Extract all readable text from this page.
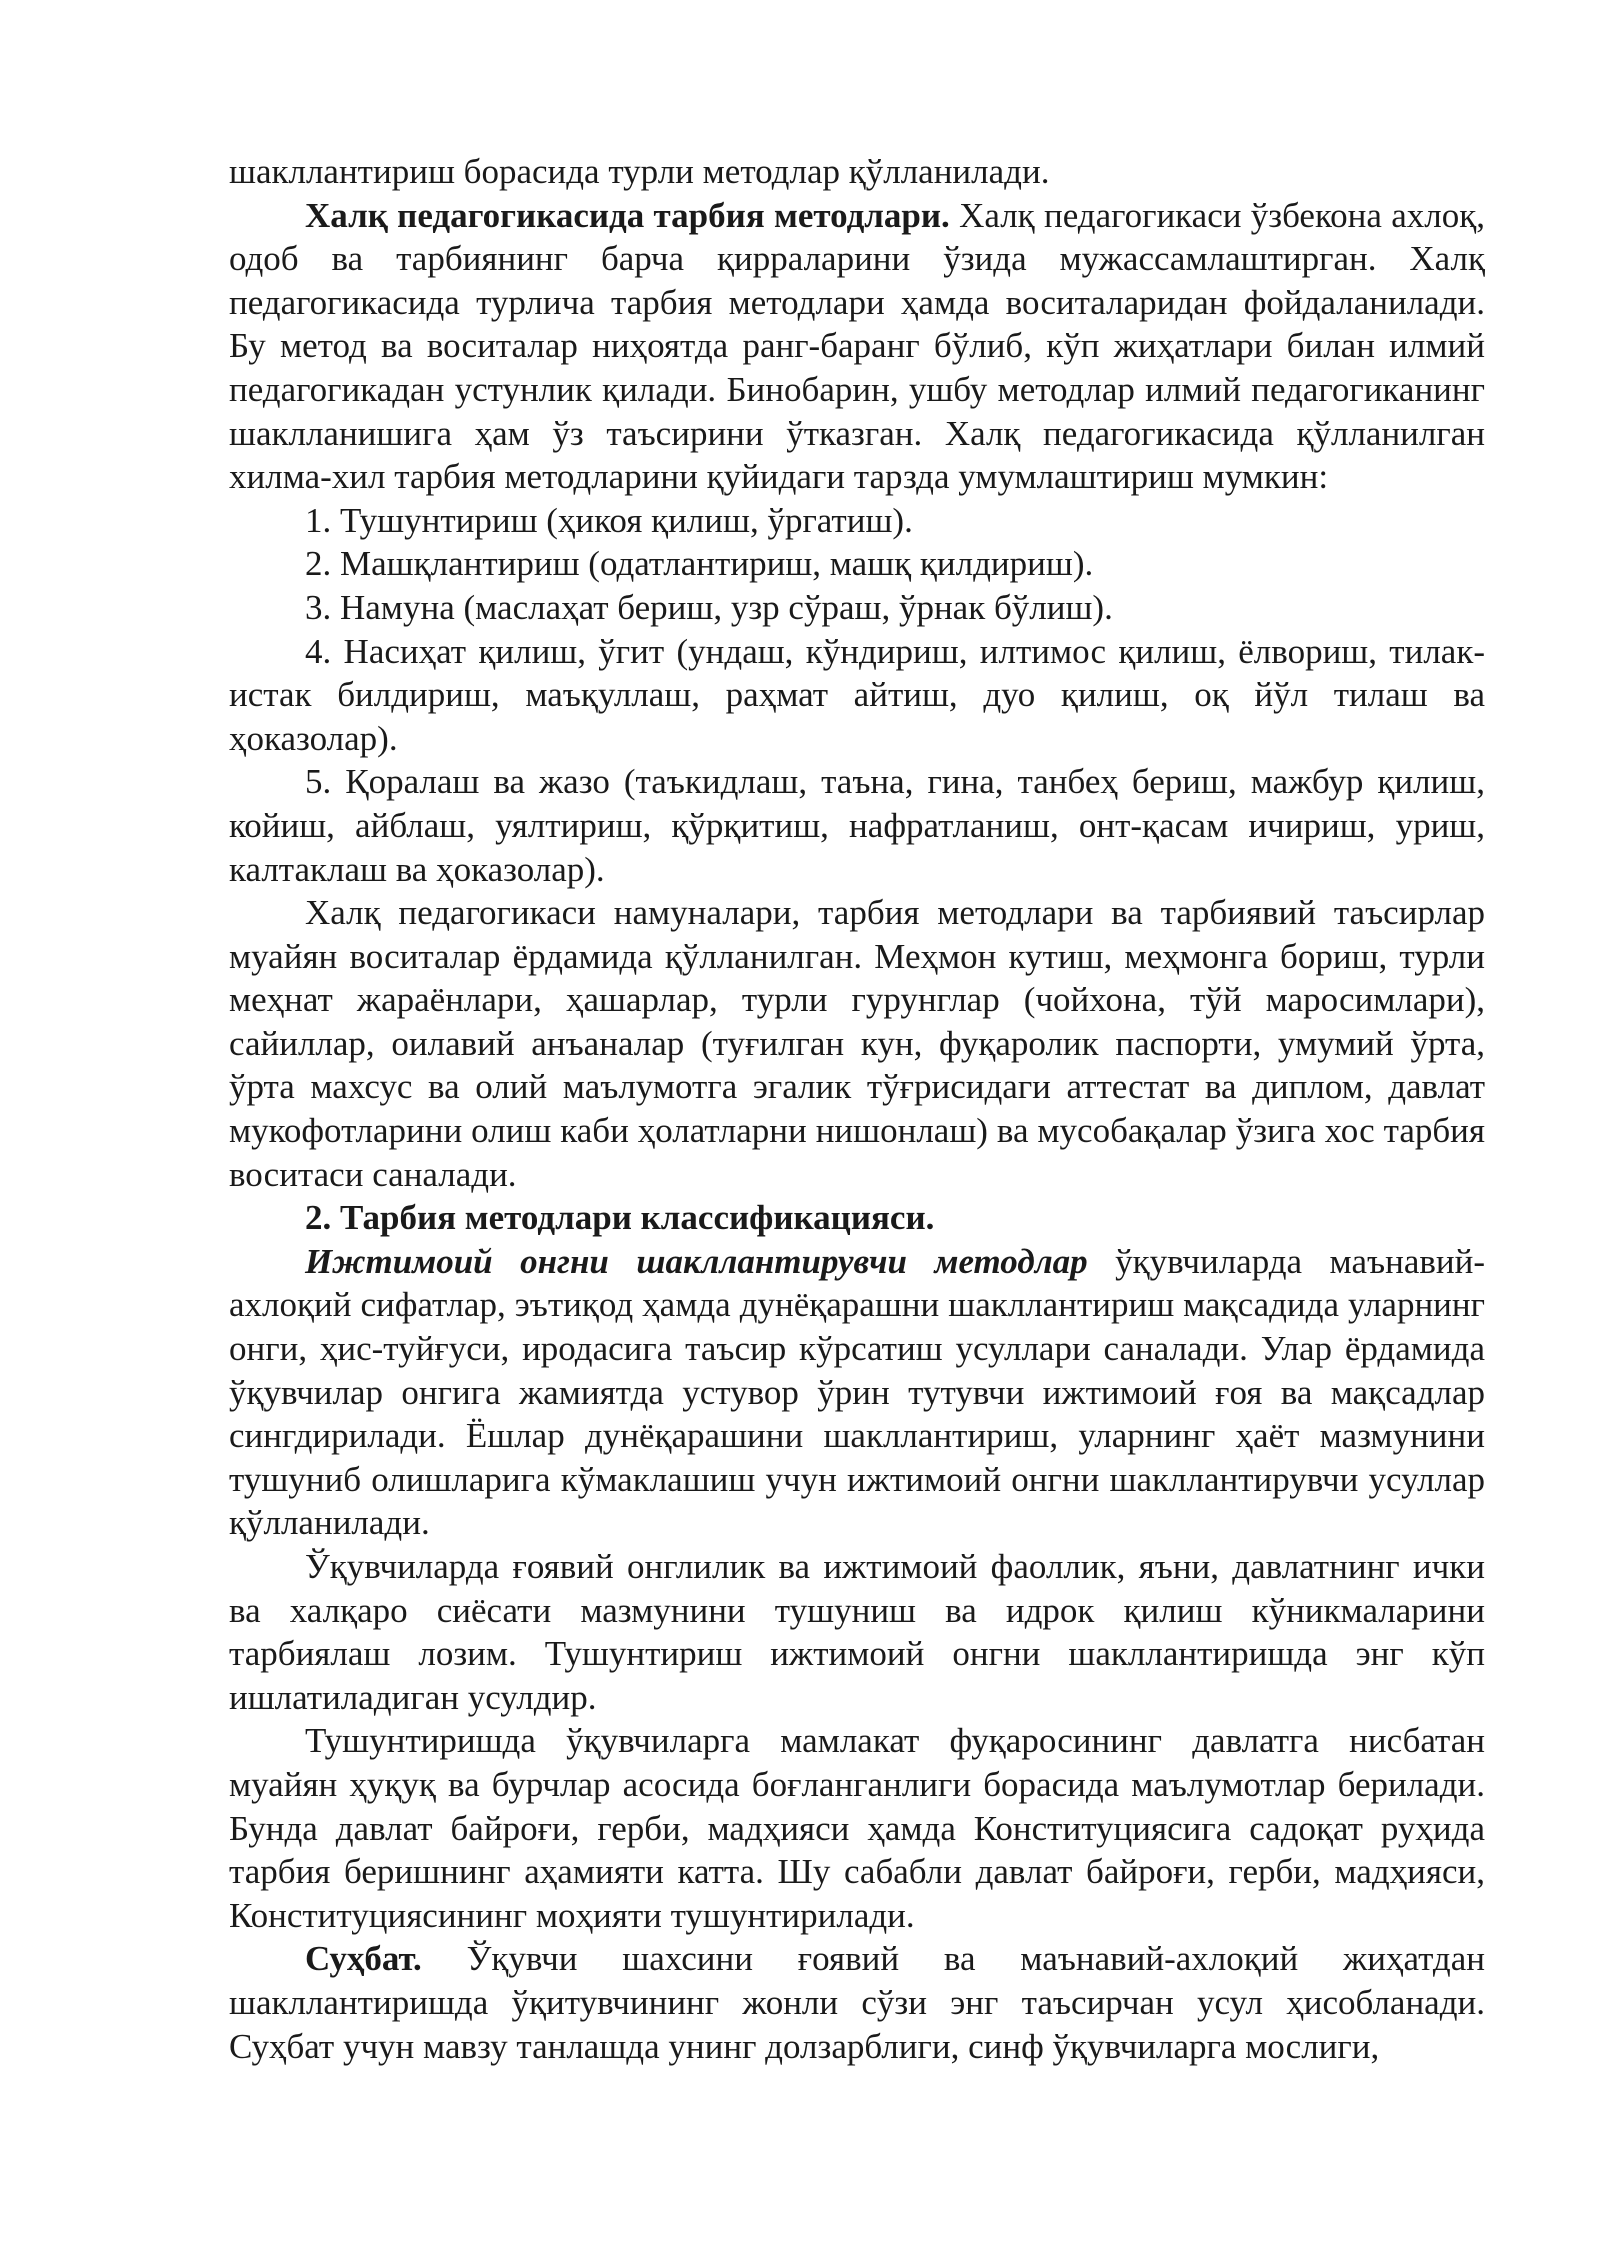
шакллантириш борасида турли методлар қўлланилади.

Халқ педагогикасида тарбия методлари. Халқ педагогикаси ўзбекона ахлоқ, одоб ва тарбиянинг барча қирраларини ўзида мужассамлаштирган. Халқ педагогикасида турлича тарбия методлари ҳамда воситаларидан фойдаланилади. Бу метод ва воситалар ниҳоятда ранг-баранг бўлиб, кўп жиҳатлари билан илмий педагогикадан устунлик қилади. Бинобарин, ушбу методлар илмий педагогиканинг шаклланишига ҳам ўз таъсирини ўтказган. Халқ педагогикасида қўлланилган хилма-хил тарбия методларини қуйидаги тарзда умумлаштириш мумкин:

1. Тушунтириш (ҳикоя қилиш, ўргатиш).

2. Машқлантириш (одатлантириш, машқ қилдириш).

3. Намуна (маслаҳат бериш, узр сўраш, ўрнак бўлиш).

4. Насиҳат қилиш, ўгит (ундаш, кўндириш, илтимос қилиш, ёлвориш, тилак-истак билдириш, маъқуллаш, раҳмат айтиш, дуо қилиш, оқ йўл тилаш ва ҳоказолар).

5. Қоралаш ва жазо (таъкидлаш, таъна, гина, танбеҳ бериш, мажбур қилиш, койиш, айблаш, уялтириш, қўрқитиш, нафратланиш, онт-қасам ичириш, уриш, калтаклаш ва ҳоказолар).

Халқ педагогикаси намуналари, тарбия методлари ва тарбиявий таъсирлар муайян воситалар ёрдамида қўлланилган. Меҳмон кутиш, меҳмонга бориш, турли меҳнат жараёнлари, ҳашарлар, турли гурунглар (чойхона, тўй маросимлари), сайиллар, оилавий анъаналар (туғилган кун, фуқаролик паспорти, умумий ўрта, ўрта махсус ва олий маълумотга эгалик тўғрисидаги аттестат ва диплом, давлат мукофотларини олиш каби ҳолатларни нишонлаш) ва мусобақалар ўзига хос тарбия воситаси саналади.

2. Тарбия методлари классификацияси.

Ижтимоий онгни шакллантирувчи методлар ўқувчиларда маънавий-ахлоқий сифатлар, эътиқод ҳамда дунёқарашни шакллантириш мақсадида уларнинг онги, ҳис-туйғуси, иродасига таъсир кўрсатиш усуллари саналади. Улар ёрдамида ўқувчилар онгига жамиятда устувор ўрин тутувчи ижтимоий ғоя ва мақсадлар сингдирилади. Ёшлар дунёқарашини шакллантириш, уларнинг ҳаёт мазмунини тушуниб олишларига кўмаклашиш учун ижтимоий онгни шакллантирувчи усуллар қўлланилади.

Ўқувчиларда ғоявий онглилик ва ижтимоий фаоллик, яъни, давлатнинг ички ва халқаро сиёсати мазмунини тушуниш ва идрок қилиш кўникмаларини тарбиялаш лозим. Тушунтириш ижтимоий онгни шакллантиришда энг кўп ишлатиладиган усулдир.

Тушунтиришда ўқувчиларга мамлакат фуқаросининг давлатга нисбатан муайян ҳуқуқ ва бурчлар асосида боғланганлиги борасида маълумотлар берилади. Бунда давлат байроғи, герби, мадҳияси ҳамда Конституциясига садоқат руҳида тарбия беришнинг аҳамияти катта. Шу сабабли давлат байроғи, герби, мадҳияси, Конституциясининг моҳияти тушунтирилади.

Суҳбат. Ўқувчи шахсини ғоявий ва маънавий-ахлоқий жиҳатдан шакллантиришда ўқитувчининг жонли сўзи энг таъсирчан усул ҳисобланади. Суҳбат учун мавзу танлашда унинг долзарблиги, синф ўқувчиларга мослиги,
